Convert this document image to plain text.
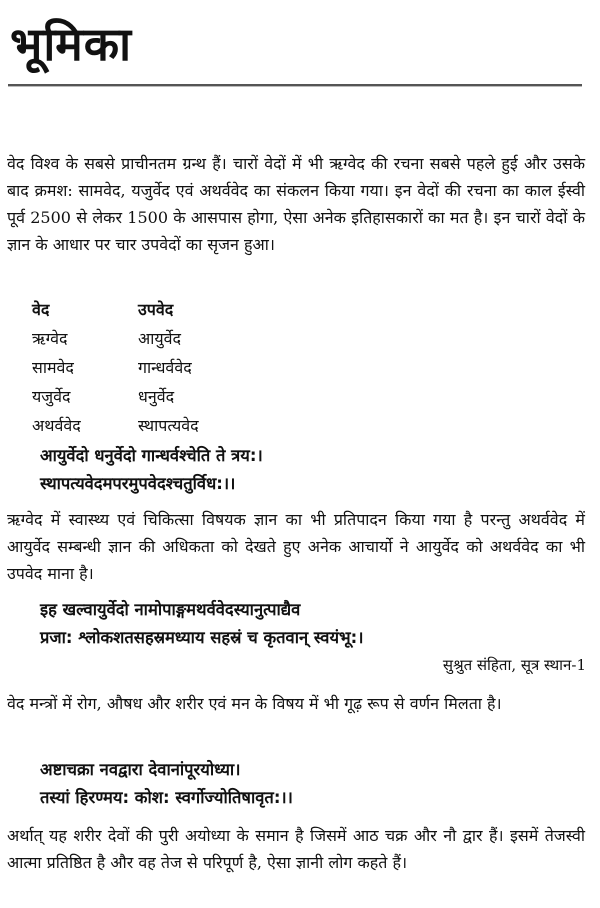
भूमिका

वेद विश्व के सबसे प्राचीनतम ग्रन्थ हैं। चारों वेदों में भी ऋग्वेद की रचना सबसे पहले हुई और उसके बाद क्रमश: सामवेद, यजुर्वेद एवं अथर्ववेद का संकलन किया गया। इन वेदों की रचना का काल ईस्वी पूर्व 2500 से लेकर 1500 के आसपास होगा, ऐसा अनेक इतिहासकारों का मत है। इन चारों वेदों के ज्ञान के आधार पर चार उपवेदों का सृजन हुआ।

वेद	उपवेद
ऋग्वेद	आयुर्वेद
सामवेद	गान्धर्ववेद
यजुर्वेद	धनुर्वेद
अथर्ववेद	स्थापत्यवेद
आयुर्वेदो धनुर्वेदो गान्धर्वश्चेति ते त्रय:।
स्थापत्यवेदमपरमुपवेदश्चतुर्विध:।।

ऋग्वेद में स्वास्थ्य एवं चिकित्सा विषयक ज्ञान का भी प्रतिपादन किया गया है परन्तु अथर्ववेद में आयुर्वेद सम्बन्धी ज्ञान की अधिकता को देखते हुए अनेक आचार्यो ने आयुर्वेद को अथर्ववेद का भी उपवेद माना है।

इह खल्वायुर्वेदो नामोपाङ्गमथर्ववेदस्यानुत्पाद्यैव
प्रजा: श्लोकशतसहस्रमध्याय सहस्रं च कृतवान् स्वयंभू:।
सुश्रुत संहिता, सूत्र स्थान-1

वेद मन्त्रों में रोग, औषध और शरीर एवं मन के विषय में भी गूढ़ रूप से वर्णन मिलता है।

अष्टाचक्रा नवद्वारा देवानांपूरयोध्या।
तस्यां हिरण्मय: कोश: स्वर्गोज्योतिषावृत:।।

अर्थात् यह शरीर देवों की पुरी अयोध्या के समान है जिसमें आठ चक्र और नौ द्वार हैं। इसमें तेजस्वी आत्मा प्रतिष्ठित है और वह तेज से परिपूर्ण है, ऐसा ज्ञानी लोग कहते हैं।
